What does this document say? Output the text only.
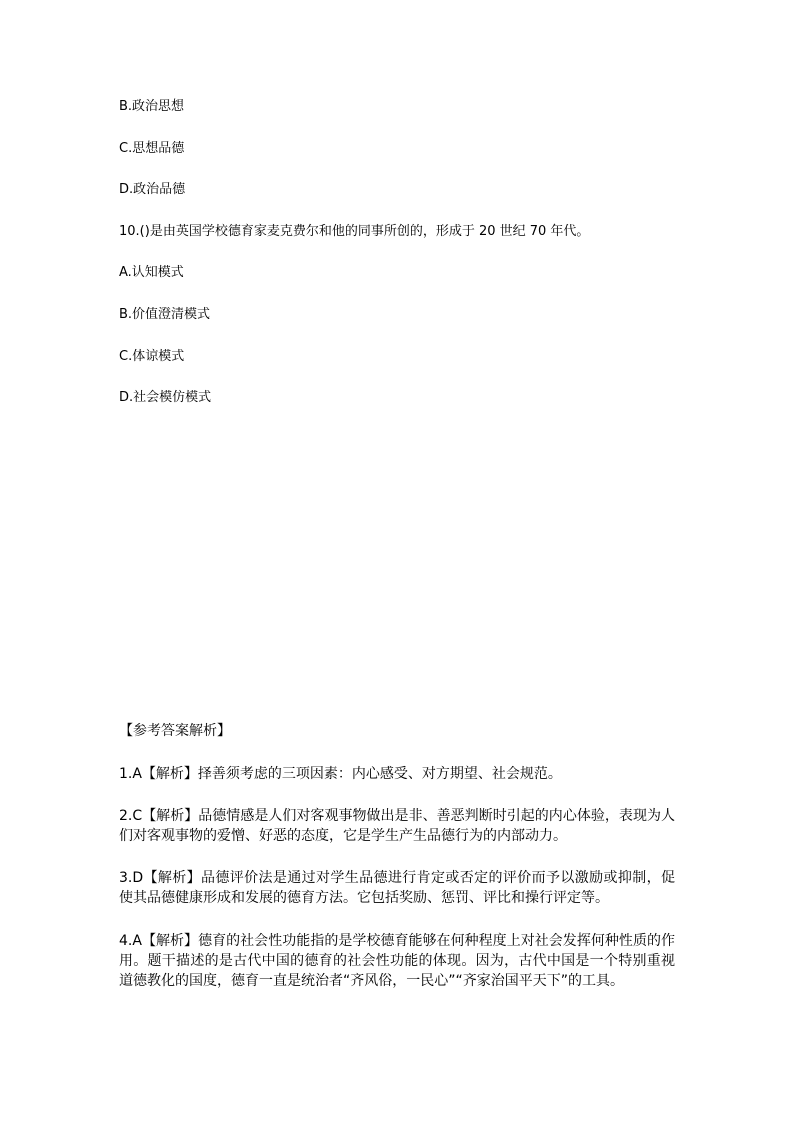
B.政治思想
C.思想品德
D.政治品德
10.()是由英国学校德育家麦克费尔和他的同事所创的，形成于 20 世纪 70 年代。
A.认知模式
B.价值澄清模式
C.体谅模式
D.社会模仿模式
【参考答案解析】
1.A【解析】择善须考虑的三项因素：内心感受、对方期望、社会规范。
2.C【解析】品德情感是人们对客观事物做出是非、善恶判断时引起的内心体验，表现为人们对客观事物的爱憎、好恶的态度，它是学生产生品德行为的内部动力。
3.D【解析】品德评价法是通过对学生品德进行肯定或否定的评价而予以激励或抑制，促使其品德健康形成和发展的德育方法。它包括奖励、惩罚、评比和操行评定等。
4.A【解析】德育的社会性功能指的是学校德育能够在何种程度上对社会发挥何种性质的作用。题干描述的是古代中国的德育的社会性功能的体现。因为，古代中国是一个特别重视道德教化的国度，德育一直是统治者“齐风俗，一民心”“齐家治国平天下”的工具。
